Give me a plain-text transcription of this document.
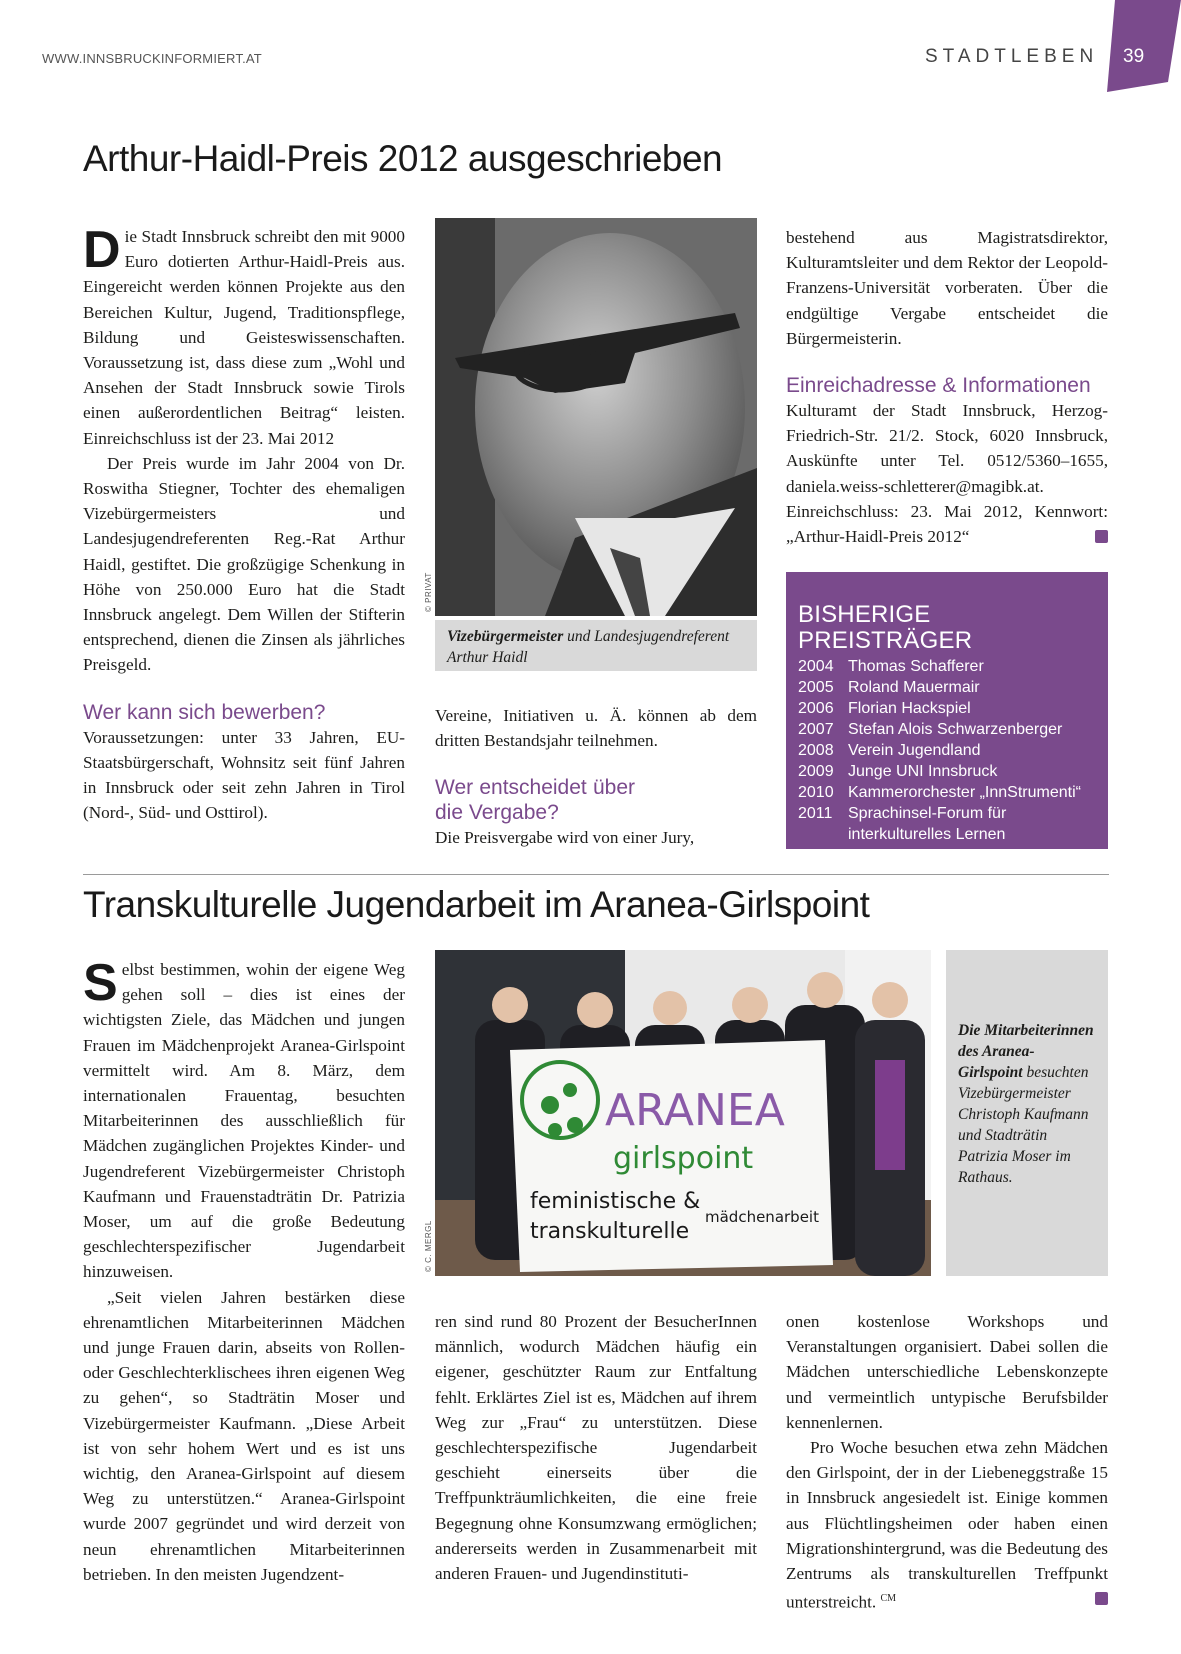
WWW.INNSBRUCKINFORMIERT.AT	STADTLEBEN 39
Arthur-Haidl-Preis 2012 ausgeschrieben

Die Stadt Innsbruck schreibt den mit 9000 Euro dotierten Arthur-Haidl-Preis aus. Eingereicht werden können Projekte aus den Bereichen Kultur, Jugend, Traditionspflege, Bildung und Geisteswissenschaften. Voraussetzung ist, dass diese zum „Wohl und Ansehen der Stadt Innsbruck sowie Tirols einen außerordentlichen Beitrag“ leisten. Einreichschluss ist der 23. Mai 2012

Der Preis wurde im Jahr 2004 von Dr. Roswitha Stiegner, Tochter des ehemaligen Vizebürgermeisters und Landesjugendreferenten Reg.-Rat Arthur Haidl, gestiftet. Die großzügige Schenkung in Höhe von 250.000 Euro hat die Stadt Innsbruck angelegt. Dem Willen der Stifterin entsprechend, dienen die Zinsen als jährliches Preisgeld.

Wer kann sich bewerben?

Voraussetzungen: unter 33 Jahren, EU-Staatsbürgerschaft, Wohnsitz seit fünf Jahren in Innsbruck oder seit zehn Jahren in Tirol (Nord-, Süd- und Osttirol).

© PRIVAT
Vizebürgermeister und Landesjugendreferent Arthur Haidl

Vereine, Initiativen u. Ä. können ab dem dritten Bestandsjahr teilnehmen.

Wer entscheidet über die Vergabe?

Die Preisvergabe wird von einer Jury,

bestehend aus Magistratsdirektor, Kulturamtsleiter und dem Rektor der Leopold-Franzens-Universität vorberaten. Über die endgültige Vergabe entscheidet die Bürgermeisterin.

Einreichadresse & Informationen

Kulturamt der Stadt Innsbruck, Herzog-Friedrich-Str. 21/2. Stock, 6020 Innsbruck, Auskünfte unter Tel. 0512/5360–1655, daniela.weiss-schletterer@magibk.at. Einreichschluss: 23. Mai 2012, Kennwort: „Arthur-Haidl-Preis 2012“

BISHERIGE PREISTRÄGER
2004 Thomas Schafferer
2005 Roland Mauermair
2006 Florian Hackspiel
2007 Stefan Alois Schwarzenberger
2008 Verein Jugendland
2009 Junge UNI Innsbruck
2010 Kammerorchester „InnStrumenti“
2011 Sprachinsel-Forum für interkulturelles Lernen
Transkulturelle Jugendarbeit im Aranea-Girlspoint

Selbst bestimmen, wohin der eigene Weg gehen soll – dies ist eines der wichtigsten Ziele, das Mädchen und jungen Frauen im Mädchenprojekt Aranea-Girlspoint vermittelt wird. Am 8. März, dem internationalen Frauentag, besuchten Mitarbeiterinnen des ausschließlich für Mädchen zugänglichen Projektes Kinder- und Jugendreferent Vizebürgermeister Christoph Kaufmann und Frauenstadträtin Dr. Patrizia Moser, um auf die große Bedeutung geschlechterspezifischer Jugendarbeit hinzuweisen.

„Seit vielen Jahren bestärken diese ehrenamtlichen Mitarbeiterinnen Mädchen und junge Frauen darin, abseits von Rollen- oder Geschlechterklischees ihren eigenen Weg zu gehen“, so Stadträtin Moser und Vizebürgermeister Kaufmann. „Diese Arbeit ist von sehr hohem Wert und es ist uns wichtig, den Aranea-Girlspoint auf diesem Weg zu unterstützen.“ Aranea-Girlspoint wurde 2007 gegründet und wird derzeit von neun ehrenamtlichen Mitarbeiterinnen betrieben. In den meisten Jugendzent-

ARANEA
girlspoint
feministische &
transkulturelle
mädchenarbeit
© C. MERGL
Die Mitarbeiterinnen des Aranea-Girlspoint besuchten Vizebürgermeister Christoph Kaufmann und Stadträtin Patrizia Moser im Rathaus.

ren sind rund 80 Prozent der BesucherInnen männlich, wodurch Mädchen häufig ein eigener, geschützter Raum zur Entfaltung fehlt. Erklärtes Ziel ist es, Mädchen auf ihrem Weg zur „Frau“ zu unterstützen. Diese geschlechterspezifische Jugendarbeit geschieht einerseits über die Treffpunkträumlichkeiten, die eine freie Begegnung ohne Konsumzwang ermöglichen; andererseits werden in Zusammenarbeit mit anderen Frauen- und Jugendinstituti-

onen kostenlose Workshops und Veranstaltungen organisiert. Dabei sollen die Mädchen unterschiedliche Lebenskonzepte und vermeintlich untypische Berufsbilder kennenlernen.

Pro Woche besuchen etwa zehn Mädchen den Girlspoint, der in der Liebeneggstraße 15 in Innsbruck angesiedelt ist. Einige kommen aus Flüchtlingsheimen oder haben einen Migrationshintergrund, was die Bedeutung des Zentrums als transkulturellen Treffpunkt unterstreicht. $^{CM}$
